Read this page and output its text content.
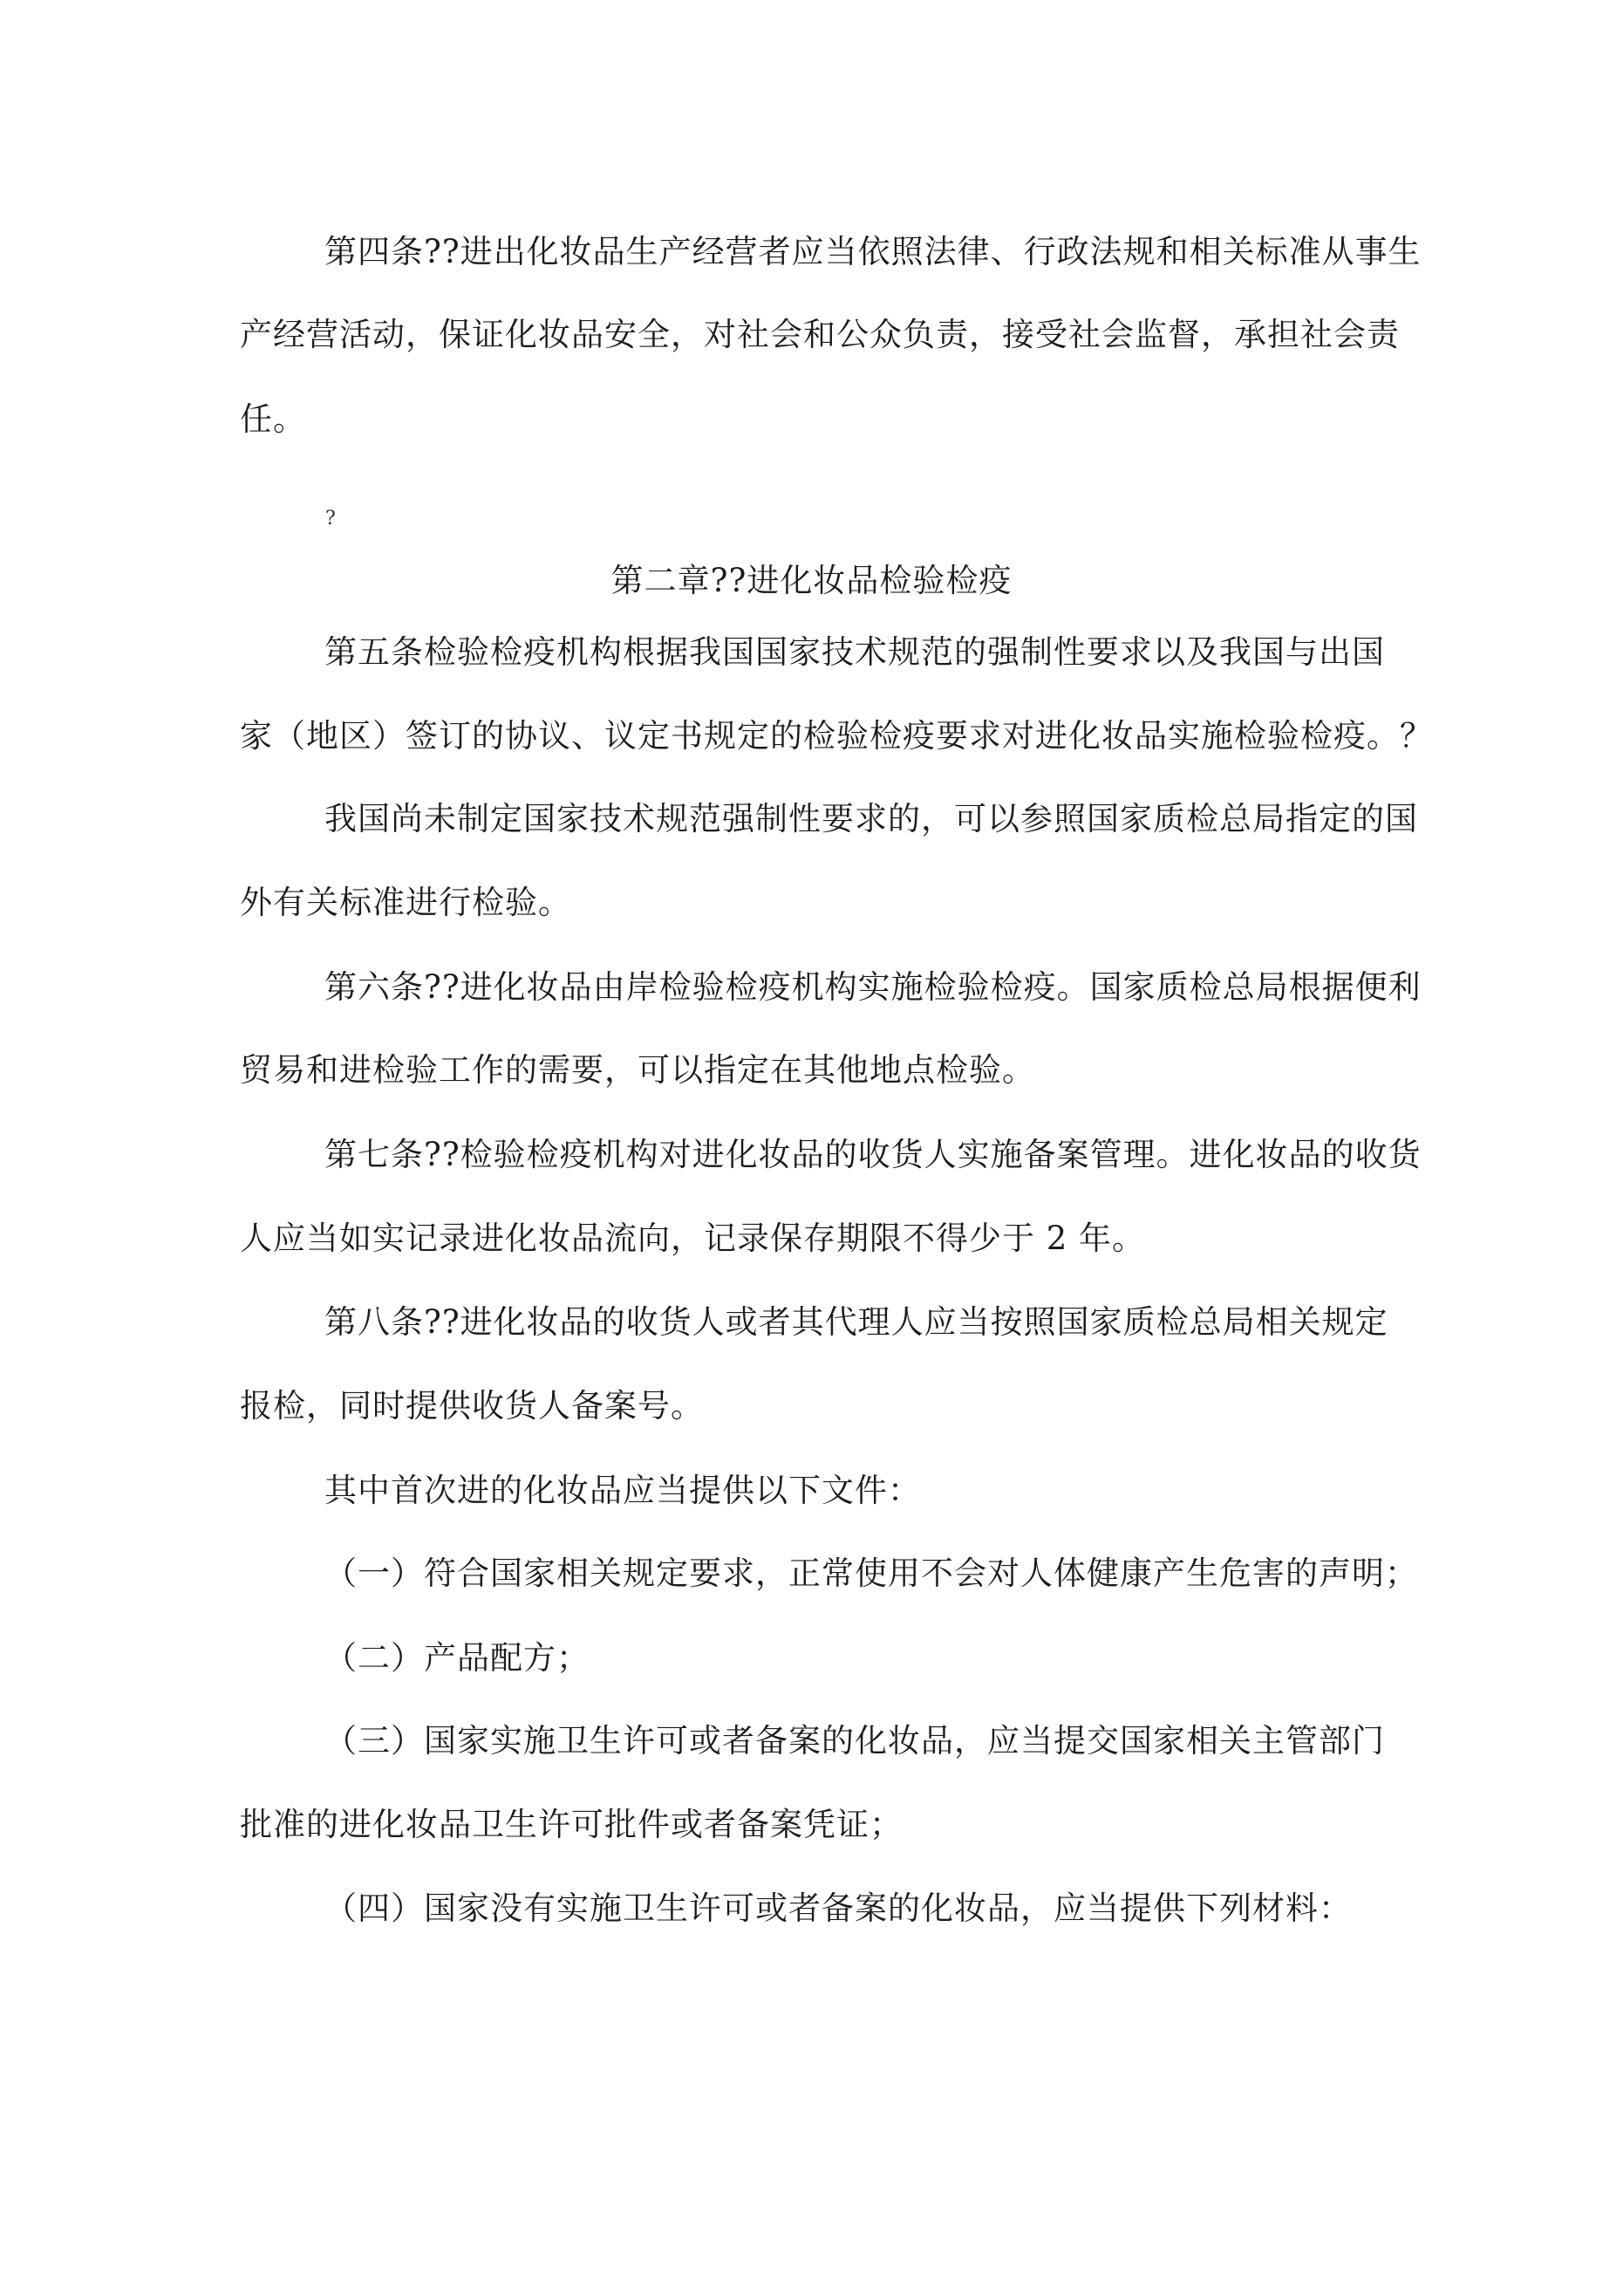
第四条??进出化妆品生产经营者应当依照法律、行政法规和相关标准从事生
产经营活动，保证化妆品安全，对社会和公众负责，接受社会监督，承担社会责
任。
?
第二章??进化妆品检验检疫
第五条检验检疫机构根据我国国家技术规范的强制性要求以及我国与出国
家（地区）签订的协议、议定书规定的检验检疫要求对进化妆品实施检验检疫。？
我国尚未制定国家技术规范强制性要求的，可以参照国家质检总局指定的国
外有关标准进行检验。
第六条??进化妆品由岸检验检疫机构实施检验检疫。国家质检总局根据便利
贸易和进检验工作的需要，可以指定在其他地点检验。
第七条??检验检疫机构对进化妆品的收货人实施备案管理。进化妆品的收货
人应当如实记录进化妆品流向，记录保存期限不得少于 2 年。
第八条??进化妆品的收货人或者其代理人应当按照国家质检总局相关规定
报检，同时提供收货人备案号。
其中首次进的化妆品应当提供以下文件：
（一）符合国家相关规定要求，正常使用不会对人体健康产生危害的声明；
（二）产品配方；
（三）国家实施卫生许可或者备案的化妆品，应当提交国家相关主管部门
批准的进化妆品卫生许可批件或者备案凭证；
（四）国家没有实施卫生许可或者备案的化妆品，应当提供下列材料：
